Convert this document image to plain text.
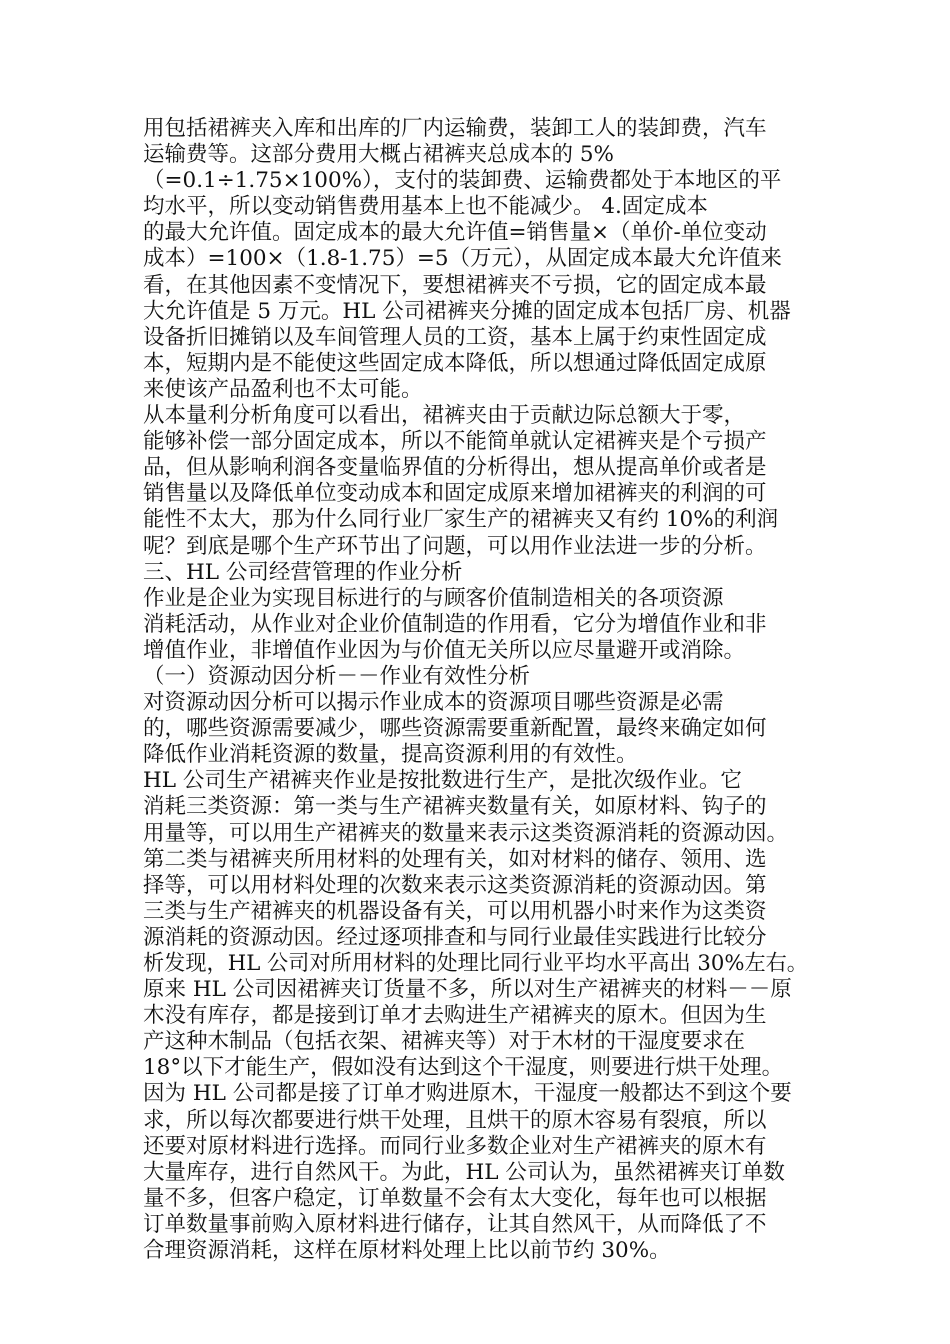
用包括裙裤夹入库和出库的厂内运输费，装卸工人的装卸费，汽车
运输费等。这部分费用大概占裙裤夹总成本的 5%
（=0.1÷1.75×100%），支付的装卸费、运输费都处于本地区的平
均水平，所以变动销售费用基本上也不能减少。 4.固定成本
的最大允许值。固定成本的最大允许值=销售量×（单价-单位变动
成本）=100×（1.8-1.75）=5（万元），从固定成本最大允许值来
看，在其他因素不变情况下，要想裙裤夹不亏损，它的固定成本最
大允许值是 5 万元。HL 公司裙裤夹分摊的固定成本包括厂房、机器
设备折旧摊销以及车间管理人员的工资，基本上属于约束性固定成
本，短期内是不能使这些固定成本降低，所以想通过降低固定成原
来使该产品盈利也不太可能。
从本量利分析角度可以看出，裙裤夹由于贡献边际总额大于零，
能够补偿一部分固定成本，所以不能简单就认定裙裤夹是个亏损产
品，但从影响利润各变量临界值的分析得出，想从提高单价或者是
销售量以及降低单位变动成本和固定成原来增加裙裤夹的利润的可
能性不太大，那为什么同行业厂家生产的裙裤夹又有约 10%的利润
呢？到底是哪个生产环节出了问题，可以用作业法进一步的分析。
三、HL 公司经营管理的作业分析
作业是企业为实现目标进行的与顾客价值制造相关的各项资源
消耗活动，从作业对企业价值制造的作用看，它分为增值作业和非
增值作业，非增值作业因为与价值无关所以应尽量避开或消除。
（一）资源动因分析－－作业有效性分析
对资源动因分析可以揭示作业成本的资源项目哪些资源是必需
的，哪些资源需要减少，哪些资源需要重新配置，最终来确定如何
降低作业消耗资源的数量，提高资源利用的有效性。
HL 公司生产裙裤夹作业是按批数进行生产，是批次级作业。它
消耗三类资源：第一类与生产裙裤夹数量有关，如原材料、钩子的
用量等，可以用生产裙裤夹的数量来表示这类资源消耗的资源动因。
第二类与裙裤夹所用材料的处理有关，如对材料的储存、领用、选
择等，可以用材料处理的次数来表示这类资源消耗的资源动因。第
三类与生产裙裤夹的机器设备有关，可以用机器小时来作为这类资
源消耗的资源动因。经过逐项排查和与同行业最佳实践进行比较分
析发现，HL 公司对所用材料的处理比同行业平均水平高出 30%左右。
原来 HL 公司因裙裤夹订货量不多，所以对生产裙裤夹的材料－－原
木没有库存，都是接到订单才去购进生产裙裤夹的原木。但因为生
产这种木制品（包括衣架、裙裤夹等）对于木材的干湿度要求在
18°以下才能生产，假如没有达到这个干湿度，则要进行烘干处理。
因为 HL 公司都是接了订单才购进原木，干湿度一般都达不到这个要
求，所以每次都要进行烘干处理，且烘干的原木容易有裂痕，所以
还要对原材料进行选择。而同行业多数企业对生产裙裤夹的原木有
大量库存，进行自然风干。为此，HL 公司认为，虽然裙裤夹订单数
量不多，但客户稳定，订单数量不会有太大变化，每年也可以根据
订单数量事前购入原材料进行储存，让其自然风干，从而降低了不
合理资源消耗，这样在原材料处理上比以前节约 30%。
